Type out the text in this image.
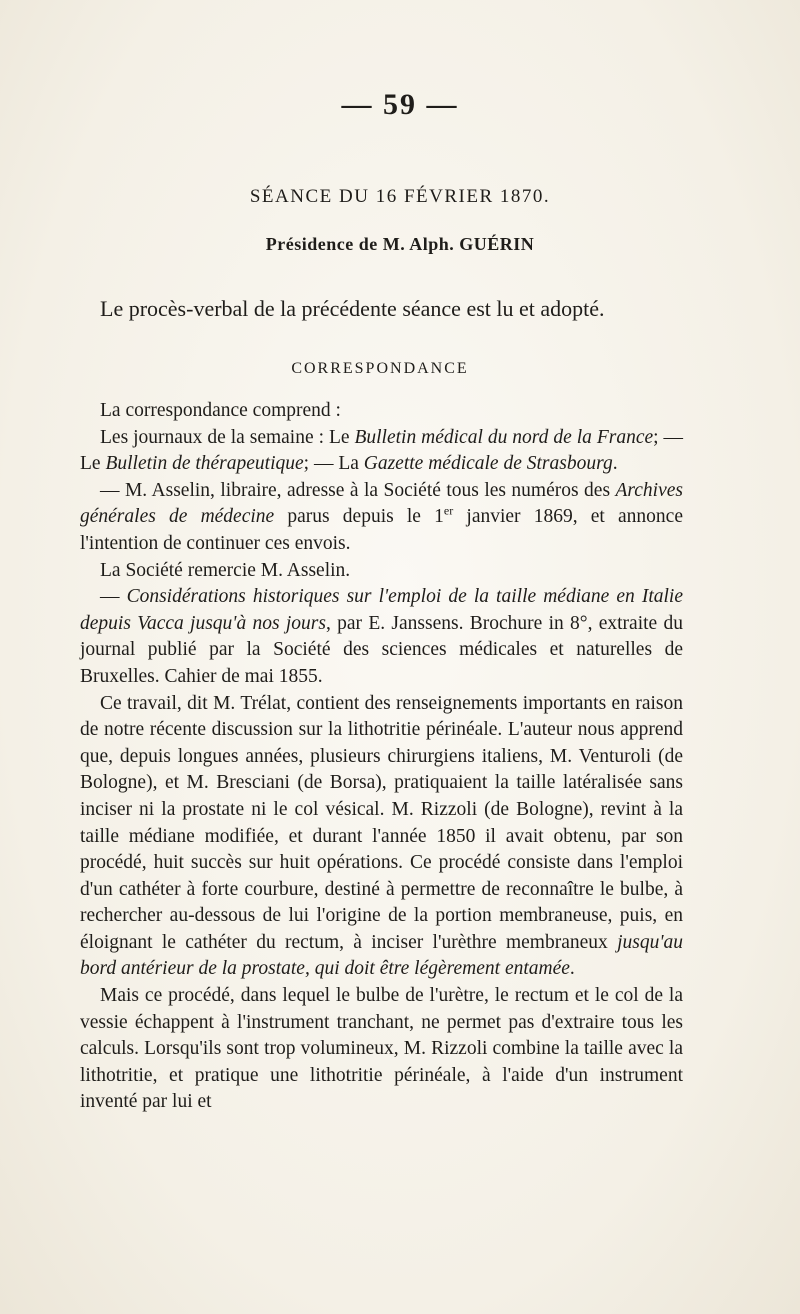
— 59 —
SÉANCE DU 16 FÉVRIER 1870.
Présidence de M. Alph. GUÉRIN
Le procès-verbal de la précédente séance est lu et adopté.
CORRESPONDANCE

La correspondance comprend :

Les journaux de la semaine : Le Bulletin médical du nord de la France; — Le Bulletin de thérapeutique; — La Gazette médicale de Strasbourg.

— M. Asselin, libraire, adresse à la Société tous les numéros des Archives générales de médecine parus depuis le 1er janvier 1869, et annonce l'intention de continuer ces envois.

La Société remercie M. Asselin.

— Considérations historiques sur l'emploi de la taille médiane en Italie depuis Vacca jusqu'à nos jours, par E. Janssens. Brochure in 8°, extraite du journal publié par la Société des sciences médicales et naturelles de Bruxelles. Cahier de mai 1855.

Ce travail, dit M. Trélat, contient des renseignements importants en raison de notre récente discussion sur la lithotritie périnéale. L'auteur nous apprend que, depuis longues années, plusieurs chirurgiens italiens, M. Venturoli (de Bologne), et M. Bresciani (de Borsa), pratiquaient la taille latéralisée sans inciser ni la prostate ni le col vésical. M. Rizzoli (de Bologne), revint à la taille médiane modifiée, et durant l'année 1850 il avait obtenu, par son procédé, huit succès sur huit opérations. Ce procédé consiste dans l'emploi d'un cathéter à forte courbure, destiné à permettre de reconnaître le bulbe, à rechercher au-dessous de lui l'origine de la portion membraneuse, puis, en éloignant le cathéter du rectum, à inciser l'urèthre membraneux jusqu'au bord antérieur de la prostate, qui doit être légèrement entamée.

Mais ce procédé, dans lequel le bulbe de l'urètre, le rectum et le col de la vessie échappent à l'instrument tranchant, ne permet pas d'extraire tous les calculs. Lorsqu'ils sont trop volumineux, M. Rizzoli combine la taille avec la lithotritie, et pratique une lithotritie périnéale, à l'aide d'un instrument inventé par lui et
